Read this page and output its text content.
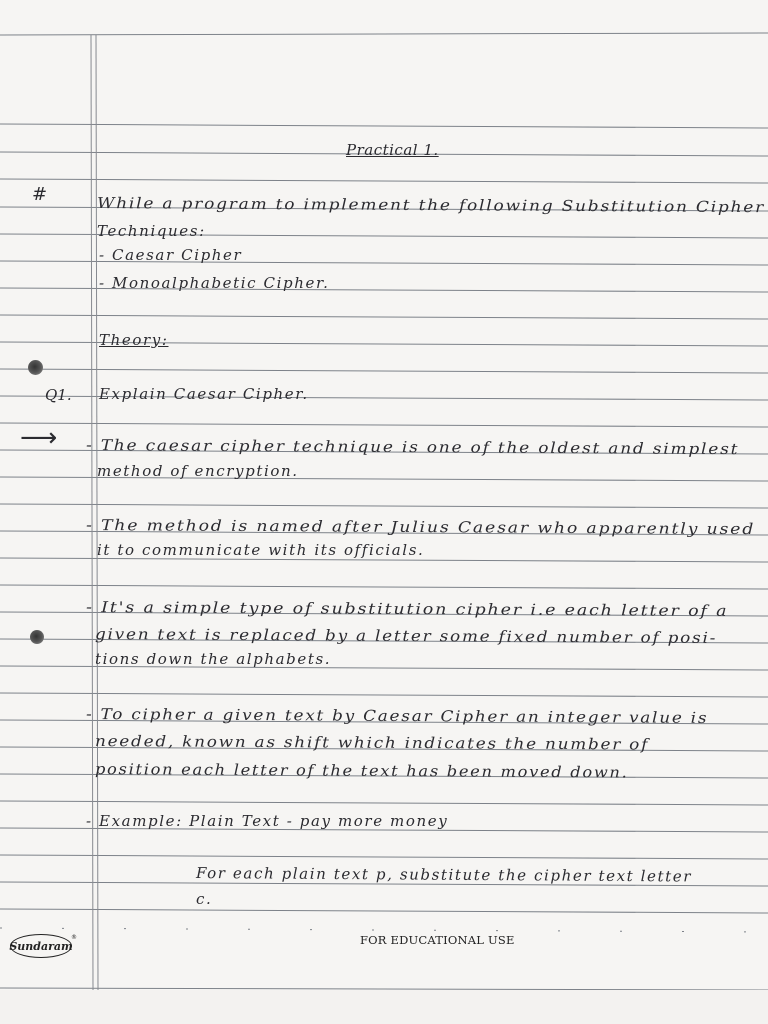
#
Q1.
⟶
Practical 1.
While a program to implement the following Substitution Cipher
Techniques:
- Caesar Cipher
- Monoalphabetic Cipher.
Theory:
Explain Caesar Cipher.
- The caesar cipher technique is one of the oldest and simplest
method of encryption.
- The method is named after Julius Caesar who apparently used
it to communicate with its officials.
- It's a simple type of substitution cipher i.e each letter of a
given text is replaced by a letter some fixed number of posi-
tions down the alphabets.
- To cipher a given text by Caesar Cipher an integer value is
needed, known as shift which indicates the number of
position each letter of the text has been moved down.
- Example: Plain Text - pay more money
For each plain text p, substitute the cipher text letter
c.
Sundaram
®	FOR EDUCATIONAL USE
